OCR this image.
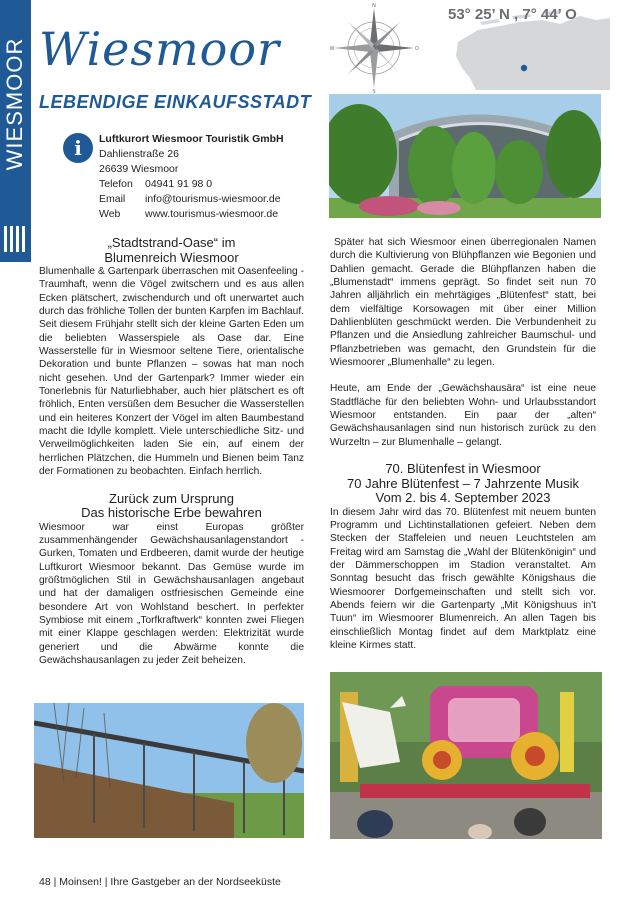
WIESMOOR Wiesmoor
LEBENDIGE EINKAUFSSTADT
N
S
W	O
53° 25’ N , 7° 44’ O
i	Luftkurort Wiesmoor Touristik GmbH
Dahlienstraße 26
26639 Wiesmoor
Telefon	04941 91 98 0
Email	info@tourismus-wiesmoor.de
Web	www.tourismus-wiesmoor.de
„Stadtstrand-Oase“ im
Blumenreich Wiesmoor

Blumenhalle & Gartenpark überraschen mit Oasenfeeling - Traumhaft, wenn die Vögel zwitschern und es aus allen Ecken plätschert, zwischendurch und oft unerwartet auch durch das fröhliche Tollen der bunten Karpfen im Bachlauf. Seit diesem Frühjahr stellt sich der kleine Garten Eden um die beliebten Wasserspiele als Oase dar. Eine Wasserstelle für in Wiesmoor seltene Tiere, orientalische Dekoration und bunte Pflanzen – sowas hat man noch nicht gesehen. Und der Gartenpark? Immer wieder ein Tonerlebnis für Naturliebhaber, auch hier plätschert es oft fröhlich, Enten versüßen dem Besucher die Wasserstellen und ein heiteres Konzert der Vögel im alten Baumbestand macht die Idylle komplett. Viele unterschiedliche Sitz- und Verweilmöglichkeiten laden Sie ein, auf einem der herrlichen Plätzchen, die Hummeln und Bienen beim Tanz der Formationen zu beobachten. Einfach herrlich.

Zurück zum Ursprung
Das historische Erbe bewahren

Wiesmoor war einst Europas größter zusammenhängender Gewächshausanlagenstandort - Gurken, Tomaten und Erdbeeren, damit wurde der heutige Luftkurort Wiesmoor bekannt. Das Gemüse wurde im größtmöglichen Stil in Gewächshausanlagen angebaut und hat der damaligen ostfriesischen Gemeinde eine besondere Art von Wohlstand beschert. In perfekter Symbiose mit einem „Torfkraftwerk“ konnten zwei Fliegen mit einer Klappe geschlagen werden: Elektrizität wurde generiert und die Abwärme konnte die Gewächshausanlagen zu jeder Zeit beheizen.

Später hat sich Wiesmoor einen überregionalen Namen durch die Kultivierung von Blühpflanzen wie Begonien und Dahlien gemacht. Gerade die Blühpflanzen haben die „Blumenstadt“ immens geprägt. So findet seit nun 70 Jahren alljährlich ein mehrtägiges „Blütenfest“ statt, bei dem vielfältige Korsowagen mit über einer Million Dahlienblüten geschmückt werden. Die Verbundenheit zu Pflanzen und die Ansiedlung zahlreicher Baumschul- und Pflanzbetrieben was gemacht, den Grundstein für die Wiesmoorer „Blumenhalle“ zu legen.

Heute, am Ende der „Gewächshausära“ ist eine neue Stadtfläche für den beliebten Wohn- und Urlaubsstandort Wiesmoor entstanden. Ein paar der „alten“ Gewächshausanlagen sind nun historisch zurück zu den Wurzeltn – zur Blumenhalle – gelangt.

70. Blütenfest in Wiesmoor
70 Jahre Blütenfest – 7 Jahrzente Musik
Vom 2. bis 4. September 2023

In diesem Jahr wird das 70. Blütenfest mit neuem bunten Programm und Lichtinstallationen gefeiert. Neben dem Stecken der Staffeleien und neuen Leuchtstelen am Freitag wird am Samstag die „Wahl der Blütenkönigin“ und der Dämmerschoppen im Stadion veranstaltet. Am Sonntag besucht das frisch gewählte Königshaus die Wiesmoorer Dorfgemeinschaften und stellt sich vor. Abends feiern wir die Gartenparty „Mit Königshuus in't Tuun“ im Wiesmoorer Blumenreich. An allen Tagen bis einschließlich Montag findet auf dem Marktplatz eine kleine Kirmes statt.

48 | Moinsen! | Ihre Gastgeber an der Nordseeküste
